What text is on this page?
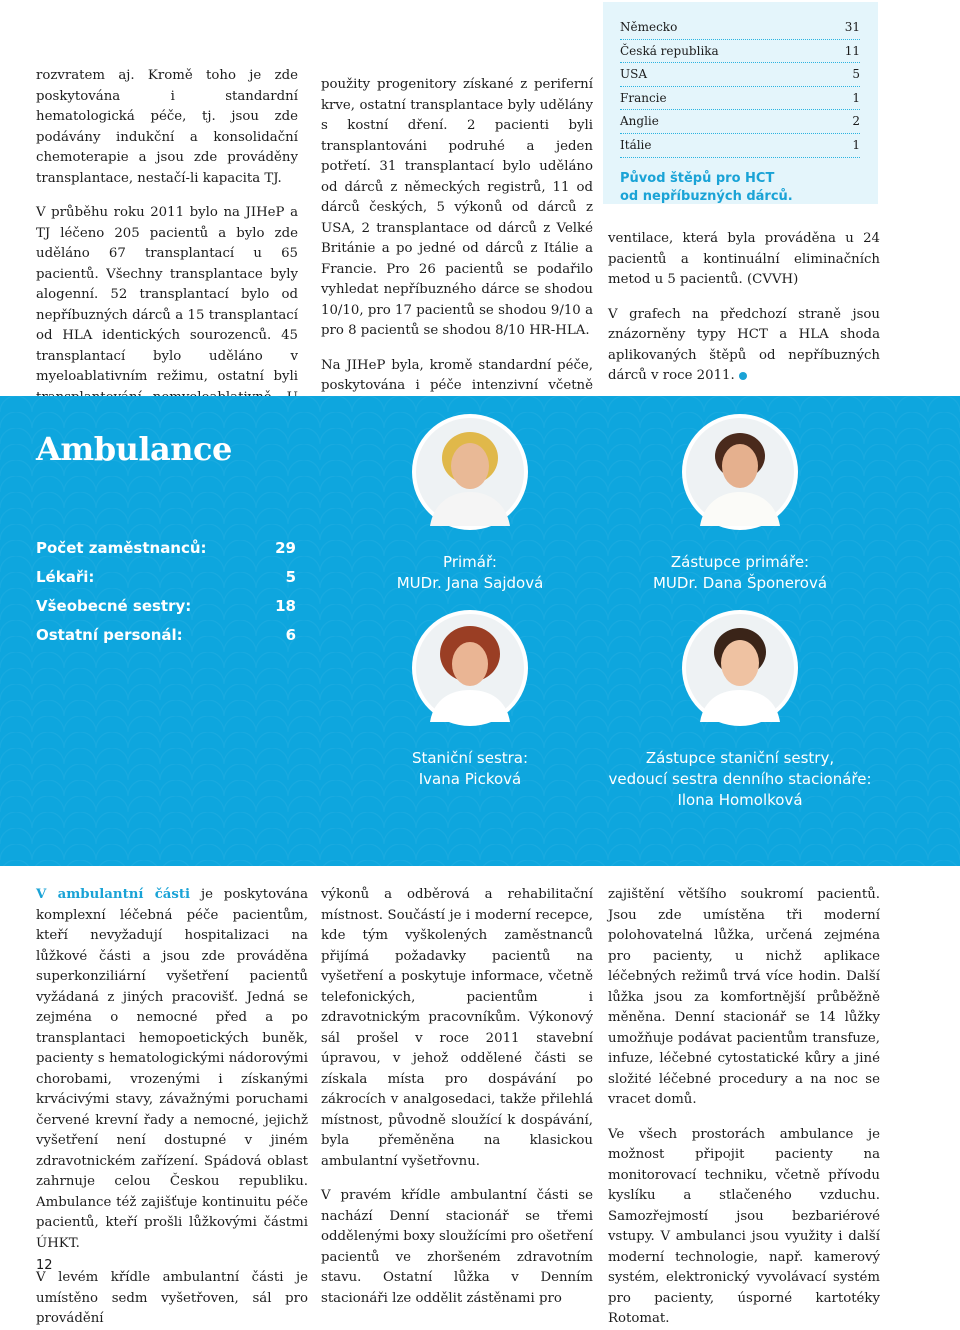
rozvratem aj. Kromě toho je zde poskytována i standardní hematologická péče, tj. jsou zde podávány indukční a konsolidační chemoterapie a jsou zde prováděny transplantace, nestačí-li kapacita TJ.

V průběhu roku 2011 bylo na JIHeP a TJ léčeno 205 pacientů a bylo zde uděláno 67 transplantací u 65 pacientů. Všechny transplantace byly alogenní. 52 transplantací bylo od nepříbuzných dárců a 15 transplantací od HLA identických sourozenců. 45 transplantací bylo uděláno v myeloablativním režimu, ostatní byli

použity progenitory získané z periferní krve, ostatní transplantace byly udělány s kostní dření. 2 pacienti byli transplantováni podruhé a jeden potřetí. 31 transplantací bylo uděláno od dárců z německých registrů, 11 od dárců českých, 5 výkonů od dárců z USA, 2 transplantace od dárců z Velké Británie a po jedné od dárců z Itálie a Francie. Pro 26 pacientů se podařilo vyhledat nepříbuzného dárce se shodou 10/10, pro 17 pacientů se shodou 9/10 a pro 8 pacientů se shodou 8/10 HR-HLA.

Na JIHeP byla, kromě standardní péče, poskytována i péče intenzivní včetně

Německo	31
Česká republika	11
USA	5
Francie	1
Anglie	2
Itálie	1
Původ štěpů pro HCT
od nepříbuzných dárců.

ventilace, která byla prováděna u 24 pacientů a kontinuální eliminačních metod u 5 pacientů. (CVVH)

V grafech na předchozí straně jsou znázorněny typy HCT a HLA shoda aplikovaných štěpů od nepříbuzných dárců v roce 2011.

Ambulance
Počet zaměstnanců:	29
Lékaři:	5
Všeobecné sestry:	18
Ostatní personál:	6
Primář:
MUDr. Jana Sajdová
Zástupce primáře:
MUDr. Dana Šponerová
Staniční sestra:
Ivana Picková
Zástupce staniční sestry,
vedoucí sestra denního stacionáře:
Ilona Homolková

V ambulantní části je poskytována komplexní léčebná péče pacientům, kteří nevyžadují hospitalizaci na lůžkové části a jsou zde prováděna superkonziliární vyšetření pacientů vyžádaná z jiných pracovišť. Jedná se zejména o nemocné před a po transplantaci hemopoetických buněk, pacienty s hematologickými nádorovými chorobami, vrozenými i získanými krvácivými stavy, závažnými poruchami červené krevní řady a nemocné, jejichž vyšetření není dostupné v jiném zdravotnickém zařízení. Spádová oblast zahrnuje celou Českou republiku. Ambulance též zajišťuje kontinuitu péče pacientů, kteří prošli lůžkovými částmi ÚHKT.

V levém křídle ambulantní části je umístěno sedm vyšetřoven, sál pro provádění

výkonů a odběrová a rehabilitační místnost. Součástí je i moderní recepce, kde tým vyškolených zaměstnanců přijímá požadavky pacientů na vyšetření a poskytuje informace, včetně telefonických, pacientům i zdravotnickým pracovníkům. Výkonový sál prošel v roce 2011 stavební úpravou, v jehož oddělené části se získala místa pro dospávání po zákrocích v analgosedaci, takže přilehlá místnost, původně sloužící k dospávání, byla přeměněna na klasickou ambulantní vyšetřovnu.

V pravém křídle ambulantní části se nachází Denní stacionář se třemi oddělenými boxy sloužícími pro ošetření pacientů ve zhoršeném zdravotním stavu. Ostatní lůžka v Denním stacionáři lze oddělit zástěnami pro

zajištění většího soukromí pacientů. Jsou zde umístěna tři moderní polohovatelná lůžka, určená zejména pro pacienty, u nichž aplikace léčebných režimů trvá více hodin. Další lůžka jsou za komfortnější průběžně měněna. Denní stacionář se 14 lůžky umožňuje podávat pacientům transfuze, infuze, léčebné cytostatické kůry a jiné složité léčebné procedury a na noc se vracet domů.

Ve všech prostorách ambulance je možnost připojit pacienty na monitorovací techniku, včetně přívodu kyslíku a stlačeného vzduchu. Samozřejmostí jsou bezbariérové vstupy. V ambulanci jsou využity i další moderní technologie, např. kamerový systém, elektronický vyvolávací systém pro pacienty, úsporné kartotéky Rotomat.

12
